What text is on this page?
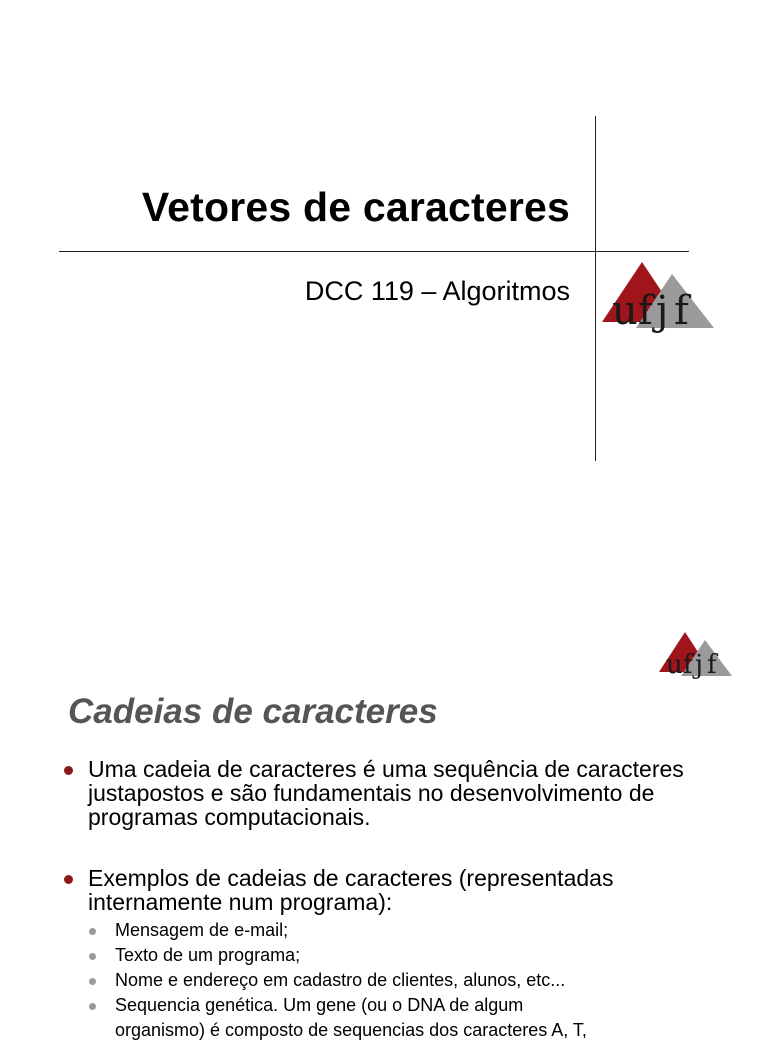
Vetores de caracteres
DCC 119 – Algoritmos u f j f
u f j f
Cadeias de caracteres
Uma cadeia de caracteres é uma sequência de caracteres justapostos e são fundamentais no desenvolvimento de programas computacionais.
Exemplos de cadeias de caracteres (representadas internamente num programa):
Mensagem de e-mail;
Texto de um programa;
Nome e endereço em cadastro de clientes, alunos, etc...
Sequencia genética. Um gene (ou o DNA de algum
organismo) é composto de sequencias dos caracteres A, T,
